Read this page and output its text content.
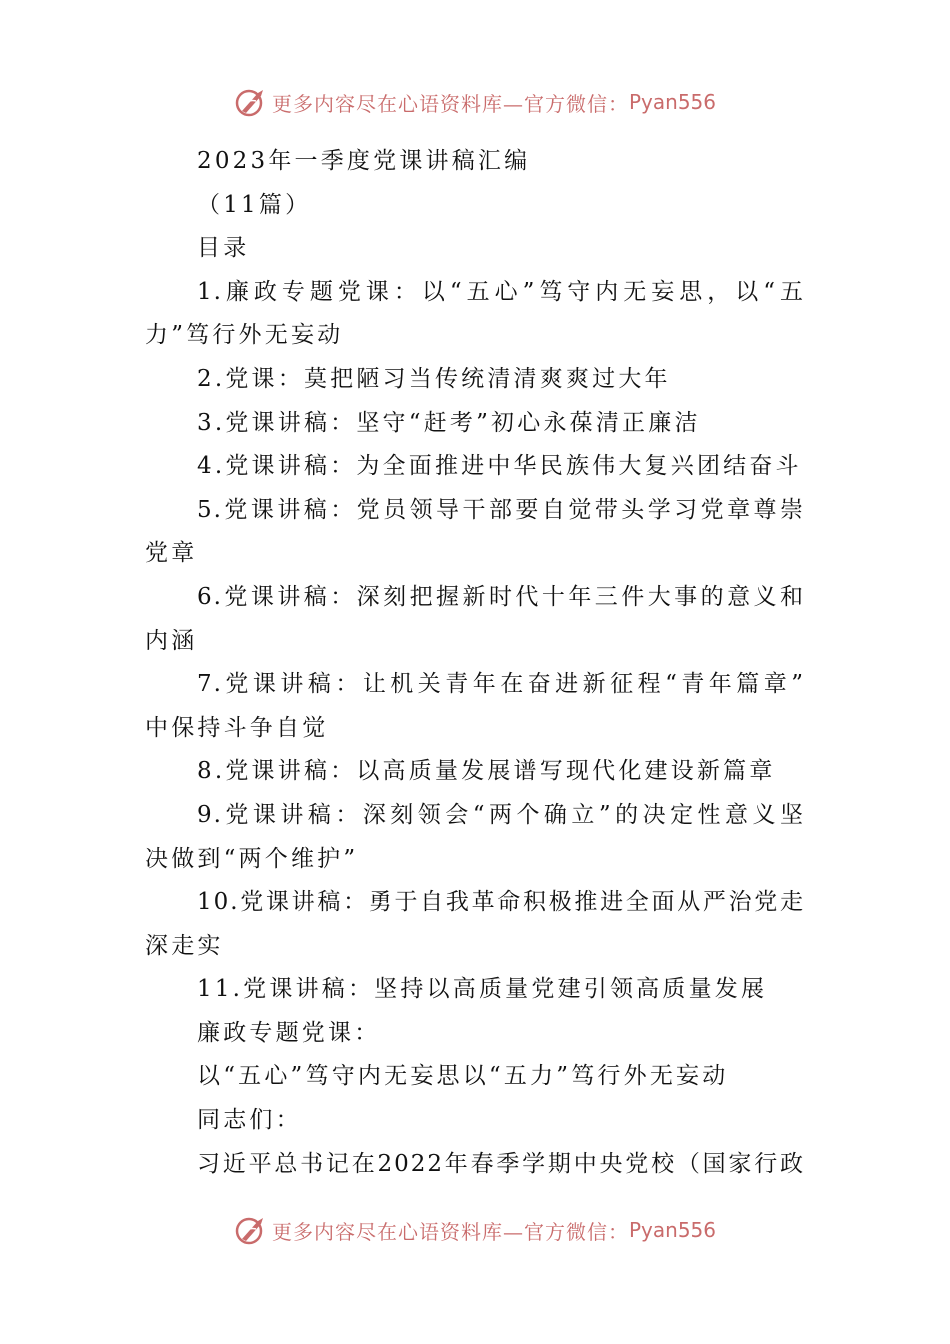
更多内容尽在心语资料库—官方微信： Pyan556
2023年一季度党课讲稿汇编
（11篇）
目录
1.廉政专题党课：以“五心”笃守内无妄思，以“五
力”笃行外无妄动
2.党课：莫把陋习当传统清清爽爽过大年
3.党课讲稿：坚守“赶考”初心永葆清正廉洁
4.党课讲稿：为全面推进中华民族伟大复兴团结奋斗
5.党课讲稿：党员领导干部要自觉带头学习党章尊崇
党章
6.党课讲稿：深刻把握新时代十年三件大事的意义和
内涵
7.党课讲稿：让机关青年在奋进新征程“青年篇章”
中保持斗争自觉
8.党课讲稿：以高质量发展谱写现代化建设新篇章
9.党课讲稿：深刻领会“两个确立”的决定性意义坚
决做到“两个维护”
10.党课讲稿：勇于自我革命积极推进全面从严治党走
深走实
11.党课讲稿：坚持以高质量党建引领高质量发展
廉政专题党课：
以“五心”笃守内无妄思以“五力”笃行外无妄动
同志们：
习近平总书记在2022年春季学期中央党校（国家行政
更多内容尽在心语资料库—官方微信： Pyan556
